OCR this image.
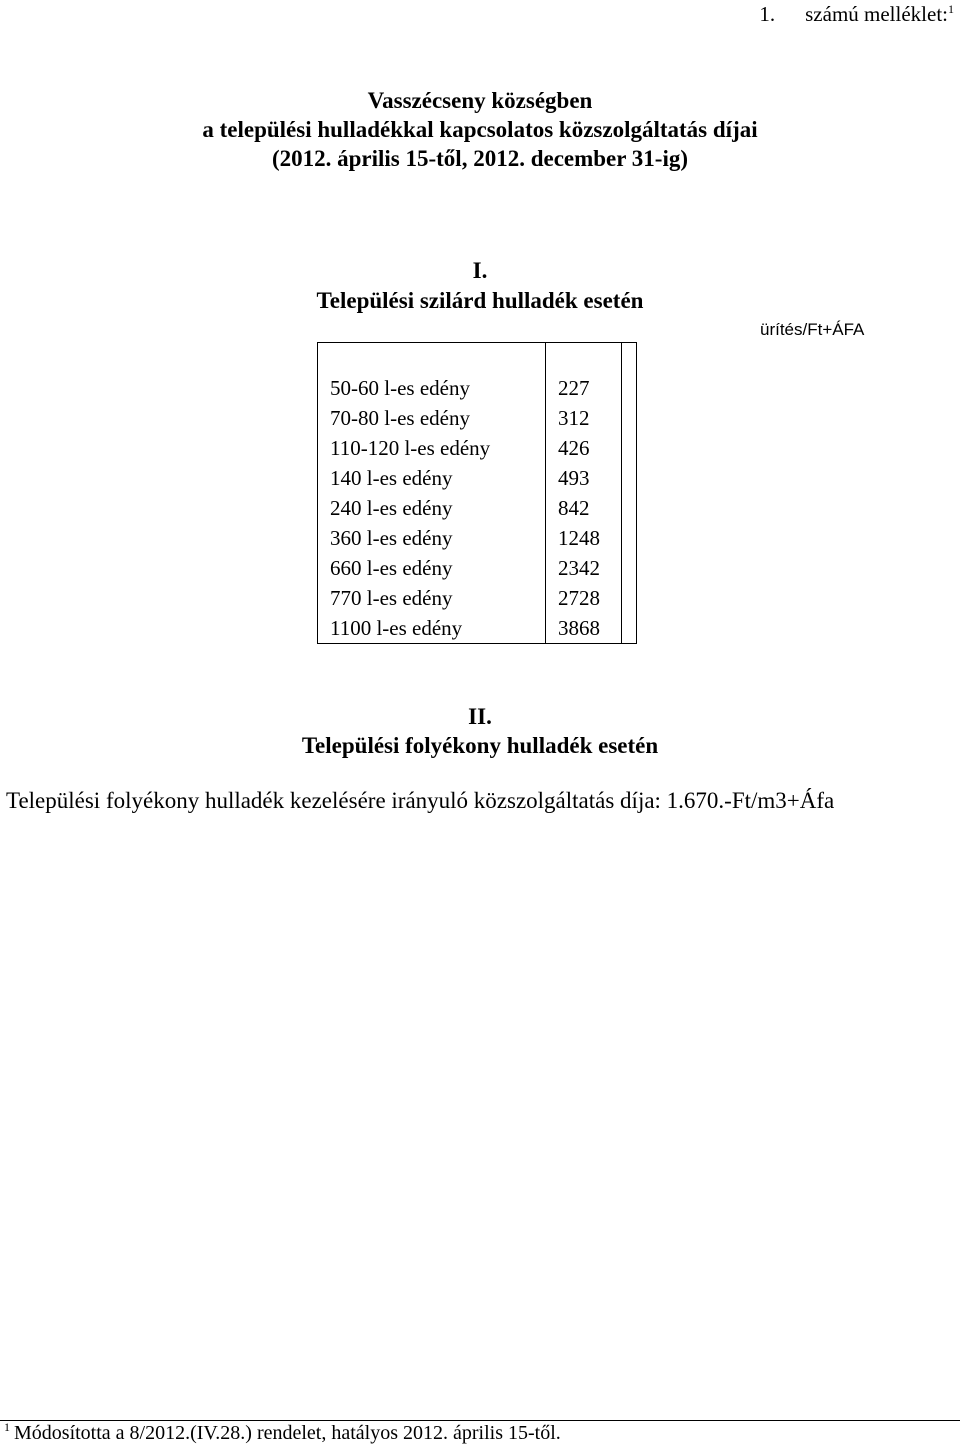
1. számú melléklet:$^1$
Vasszécseny községben
a települési hulladékkal kapcsolatos közszolgáltatás díjai
(2012. április 15-től, 2012. december 31-ig)
I.
Települési szilárd hulladék esetén
ürítés/Ft+ÁFA

50-60 l-es edény	227	
70-80 l-es edény	312	
110-120 l-es edény	426	
140 l-es edény	493	
240 l-es edény	842	
360 l-es edény	1248	
660 l-es edény	2342	
770 l-es edény	2728	
1100 l-es edény	3868	
II.
Települési folyékony hulladék esetén
Települési folyékony hulladék kezelésére irányuló közszolgáltatás díja: 1.670.-Ft/m3+Áfa
$^1$ Módosította a 8/2012.(IV.28.) rendelet, hatályos 2012. április 15-től.
